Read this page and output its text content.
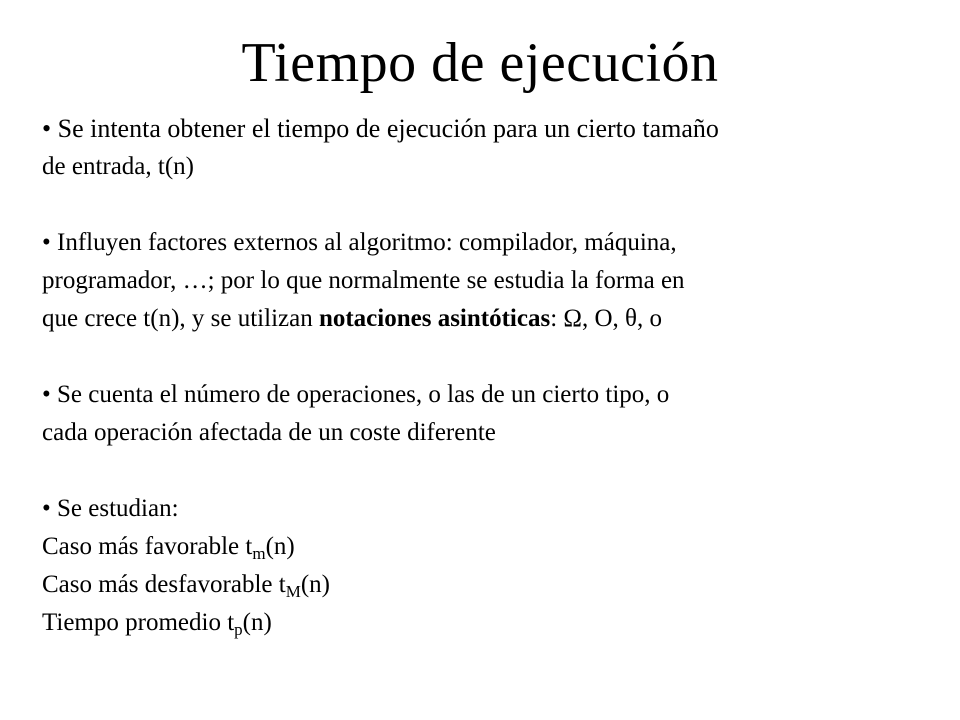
Tiempo de ejecución
• Se intenta obtener el tiempo de ejecución para un cierto tamaño
de entrada, t(n)
• Influyen factores externos al algoritmo: compilador, máquina,
programador, …; por lo que normalmente se estudia la forma en
que crece t(n), y se utilizan notaciones asintóticas: Ω, O, θ, o
• Se cuenta el número de operaciones, o las de un cierto tipo, o
cada operación afectada de un coste diferente
• Se estudian:
Caso más favorable $t_m(n)$
Caso más desfavorable $t_M(n)$
Tiempo promedio $t_p(n)$
